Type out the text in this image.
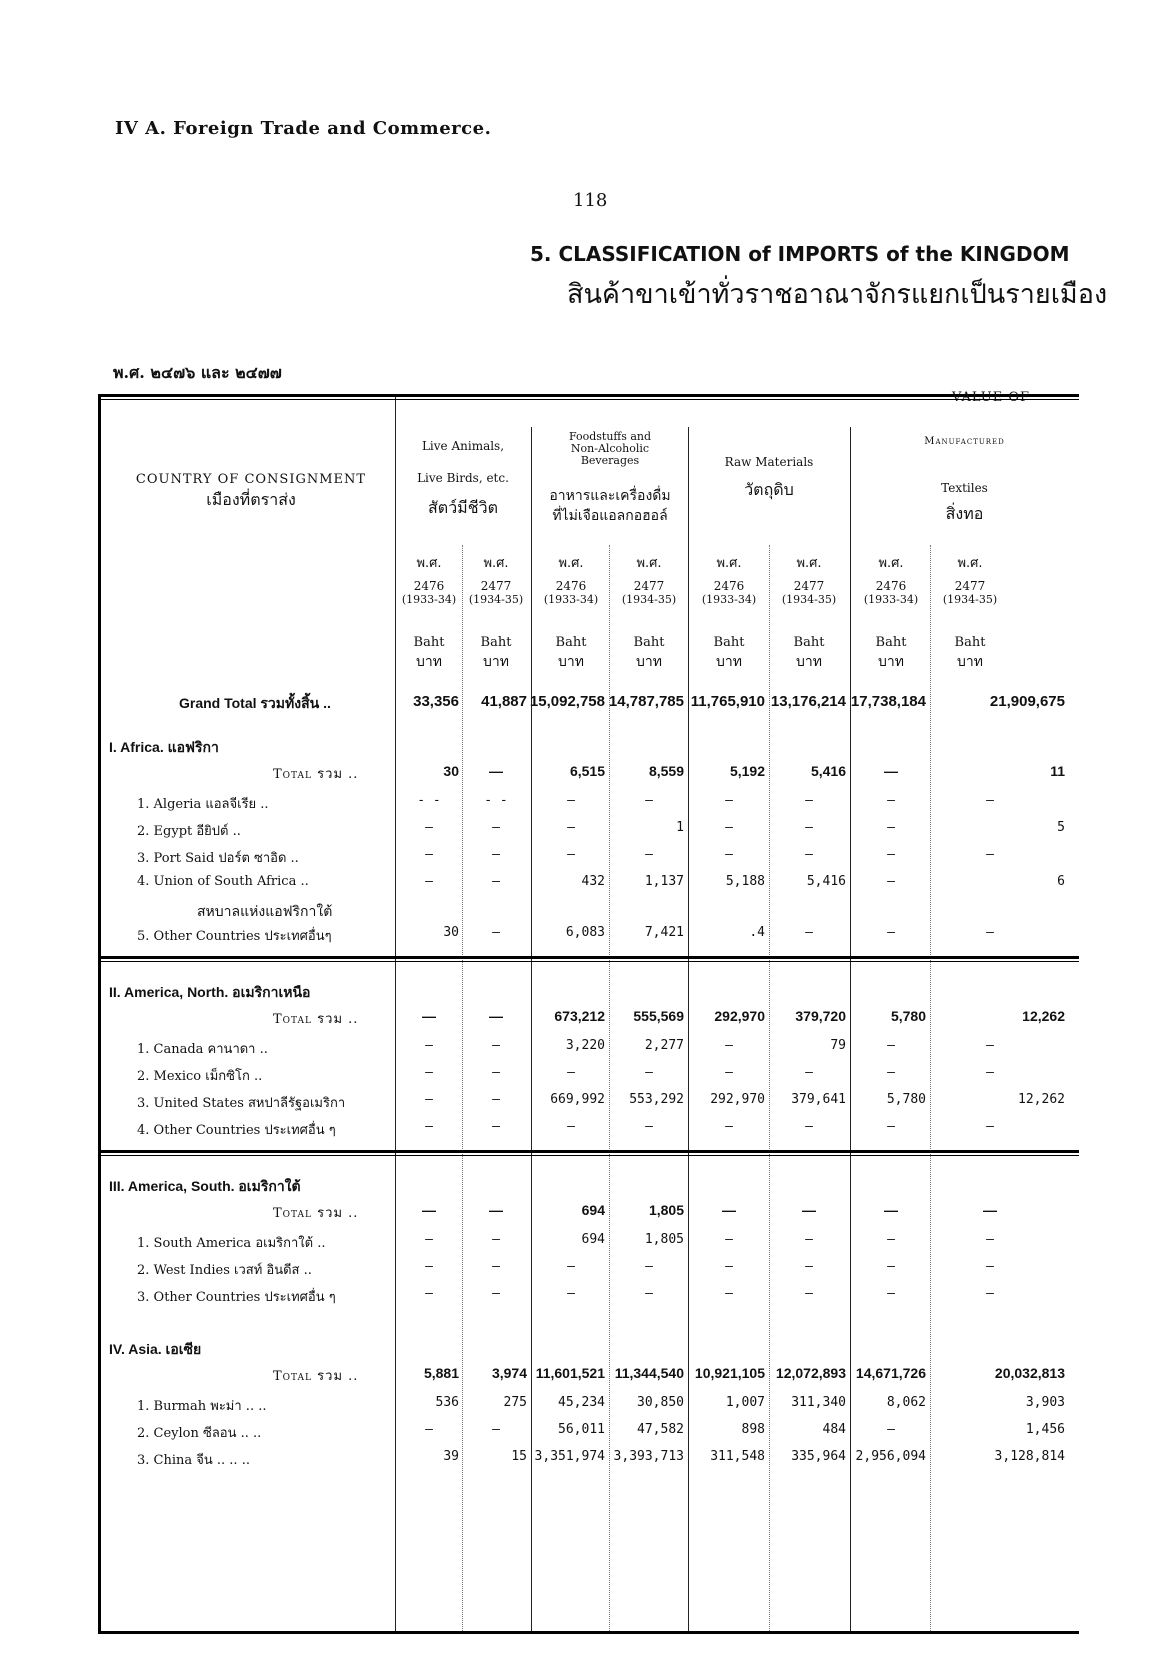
IV A. Foreign Trade and Commerce.
118
5. CLASSIFICATION of IMPORTS of the KINGDOM
สินค้าขาเข้าทั่วราชอาณาจักรแยกเป็นรายเมือง
พ.ศ. ๒๔๗๖ และ ๒๔๗๗
VALUE OF
COUNTRY OF CONSIGNMENT
เมืองที่ตราส่ง
Live Animals,
Live Birds, etc.
สัตว์มีชีวิต
Foodstuffs and
Non-Alcoholic
Beverages
อาหารและเครื่องดื่ม
ที่ไม่เจือแอลกอฮอล์
Raw Materials
วัตถุดิบ
Manufactured
Textiles
สิ่งทอ
พ.ศ.
2476
(1933-34)
Baht
บาท
พ.ศ.
2477
(1934-35)
Baht
บาท
พ.ศ.
2476
(1933-34)
Baht
บาท
พ.ศ.
2477
(1934-35)
Baht
บาท
พ.ศ.
2476
(1933-34)
Baht
บาท
พ.ศ.
2477
(1934-35)
Baht
บาท
พ.ศ.
2476
(1933-34)
Baht
บาท
พ.ศ.
2477
(1934-35)
Baht
บาท
Grand Total รวมทั้งสิ้น ..	33,356	41,887 15,092,758 14,787,785 11,765,910 13,176,214 17,738,184	21,909,675
I. Africa. แอฟริกา
Total รวม ..	30	—	6,515	8,559	5,192	5,416	—	11
1. Algeria แอลจีเรีย ..	- -	- -	—	—	—	—	—	—
2. Egypt อียิปต์ ..	—	—	—	1	—	—	—	5
3. Port Said ปอร์ต ซาอิด ..	—	—	—	—	—	—	—	—
4. Union of South Africa ..	—	—	432	1,137	5,188	5,416	—	6
สหบาลแห่งแอฟริกาใต้
5. Other Countries ประเทศอื่นๆ	30	—	6,083	7,421	.4	—	—	—
II. America, North. อเมริกาเหนือ
Total รวม ..	—	—	673,212	555,569	292,970	379,720	5,780	12,262
1. Canada คานาดา ..	—	—	3,220	2,277	—	79	—	—
2. Mexico เม็กซิโก ..	—	—	—	—	—	—	—	—
3. United States สหปาลีรัฐอเมริกา	—	—	669,992	553,292	292,970	379,641	5,780	12,262
4. Other Countries ประเทศอื่น ๆ	—	—	—	—	—	—	—	—
III. America, South. อเมริกาใต้
Total รวม ..	—	—	694	1,805	—	—	—	—
1. South America อเมริกาใต้ ..	—	—	694	1,805	—	—	—	—
2. West Indies เวสท์ อินดีส ..	—	—	—	—	—	—	—	—
3. Other Countries ประเทศอื่น ๆ	—	—	—	—	—	—	—	—
IV. Asia. เอเซีย
Total รวม ..	5,881	3,974 11,601,521 11,344,540 10,921,105 12,072,893 14,671,726	20,032,813
1. Burmah พะม่า .. ..	536	275	45,234	30,850	1,007	311,340	8,062	3,903
2. Ceylon ซีลอน .. ..	—	—	56,011	47,582	898	484	—	1,456
3. China จีน .. .. ..	39	15 3,351,974 3,393,713	311,548	335,964 2,956,094	3,128,814
